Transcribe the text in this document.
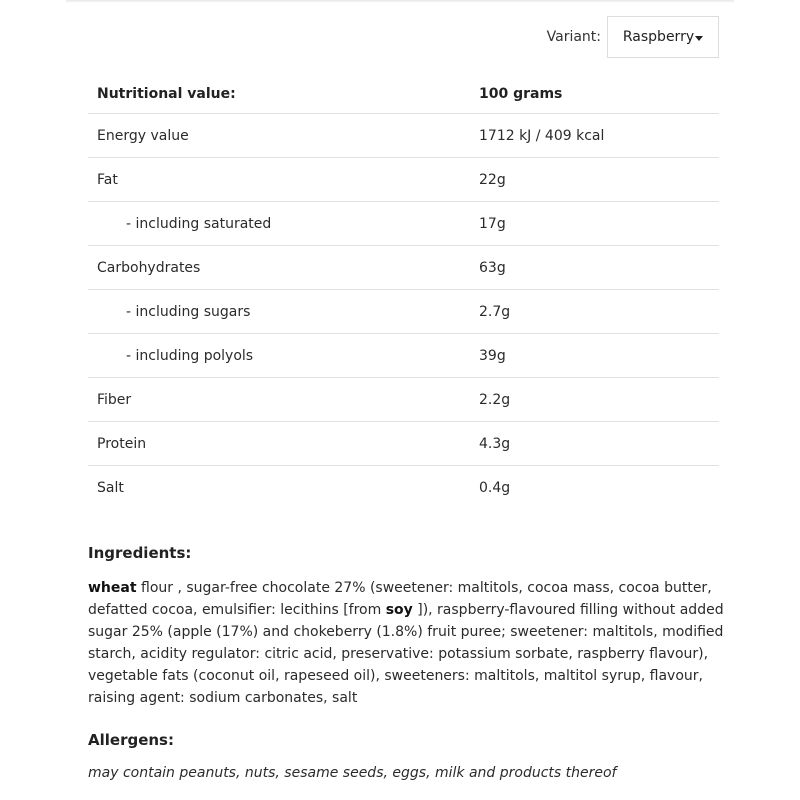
Variant: Raspberry
Nutritional value:	100 grams
Energy value	1712 kJ / 409 kcal
Fat	22g
- including saturated	17g
Carbohydrates	63g
- including sugars	2.7g
- including polyols	39g
Fiber	2.2g
Protein	4.3g
Salt	0.4g
Ingredients:
wheat flour , sugar-free chocolate 27% (sweetener: maltitols, cocoa mass, cocoa butter, defatted cocoa, emulsifier: lecithins [from soy ]), raspberry-flavoured filling without added sugar 25% (apple (17%) and chokeberry (1.8%) fruit puree; sweetener: maltitols, modified starch, acidity regulator: citric acid, preservative: potassium sorbate, raspberry flavour), vegetable fats (coconut oil, rapeseed oil), sweeteners: maltitols, maltitol syrup, flavour, raising agent: sodium carbonates, salt
Allergens:
may contain peanuts, nuts, sesame seeds, eggs, milk and products thereof
